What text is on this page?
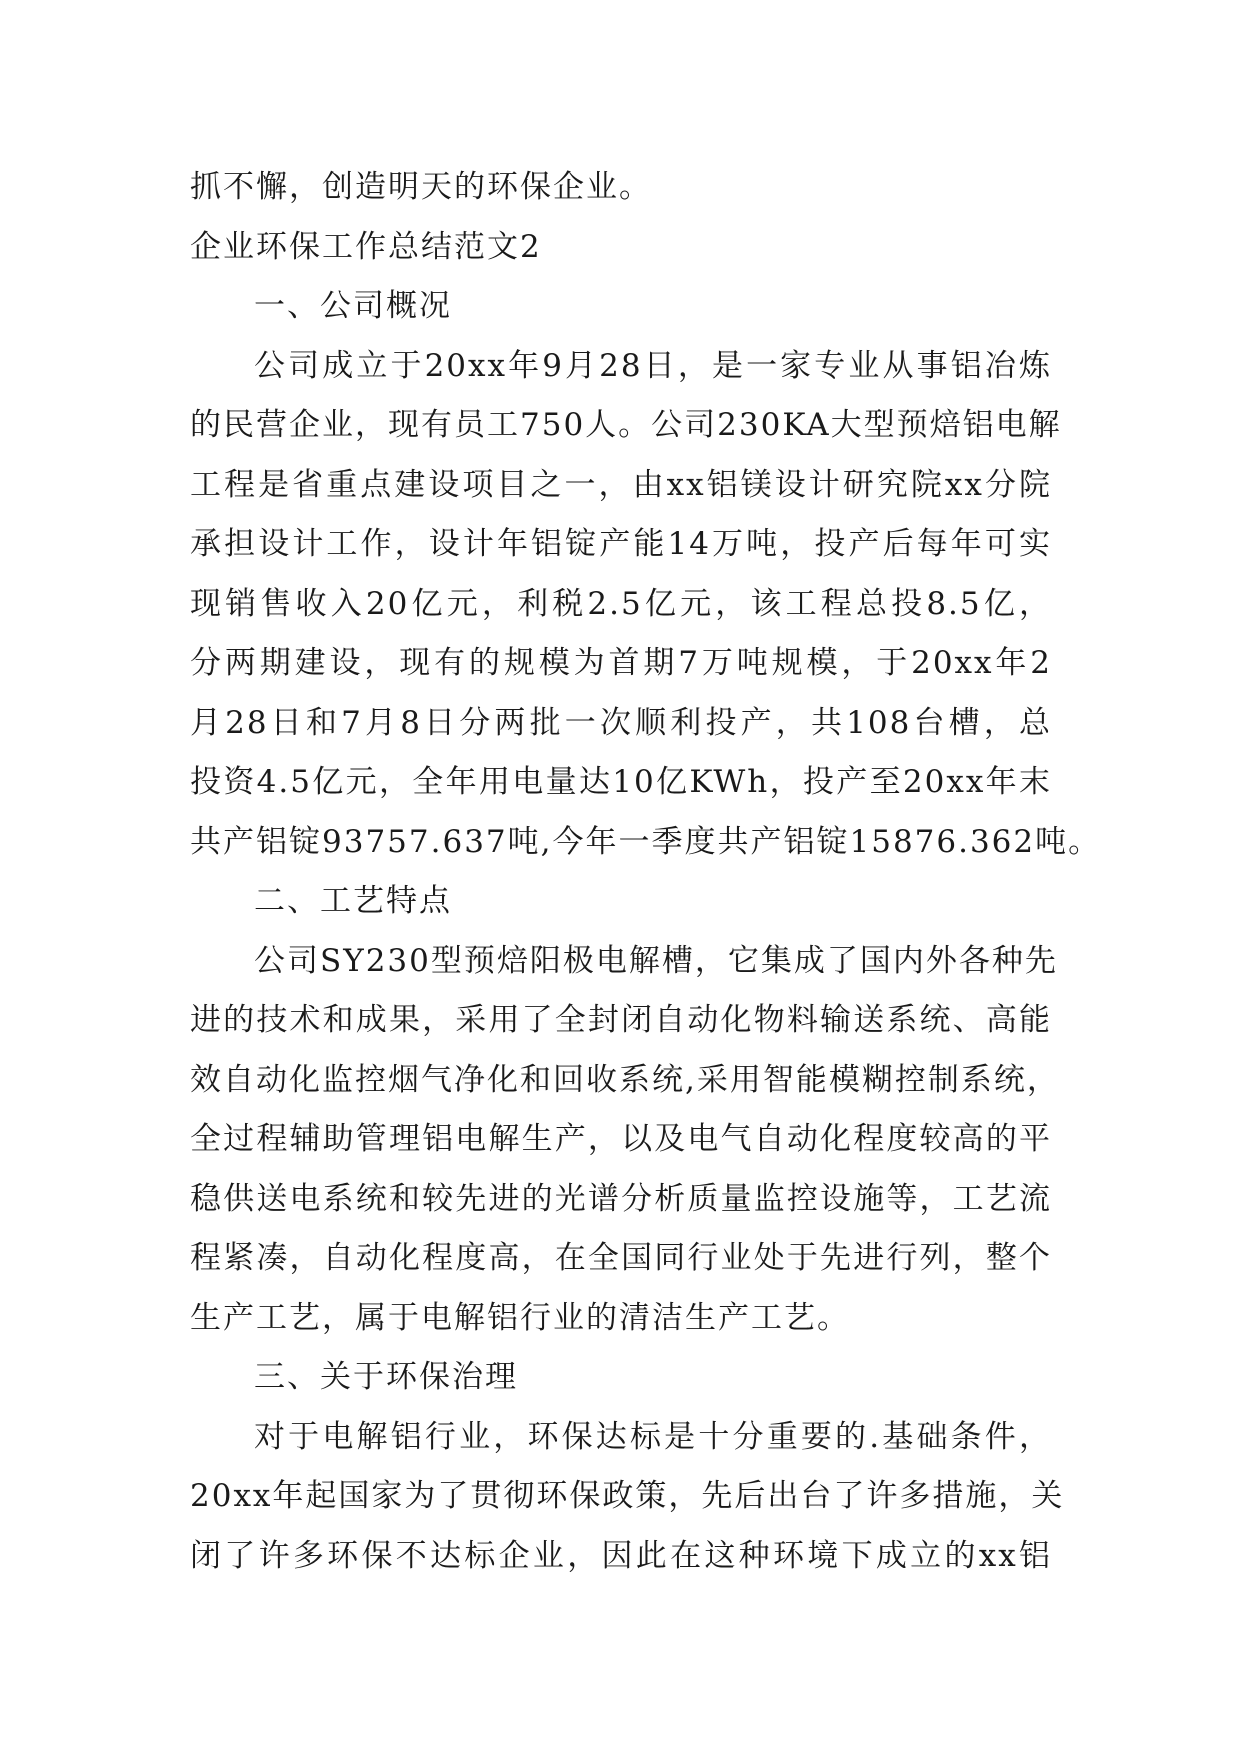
抓不懈，创造明天的环保企业。
企业环保工作总结范文2
一、公司概况
公司成立于20xx年9月28日，是一家专业从事铝冶炼
的民营企业，现有员工750人。公司230KA大型预焙铝电解
工程是省重点建设项目之一，由xx铝镁设计研究院xx分院
承担设计工作，设计年铝锭产能14万吨，投产后每年可实
现销售收入20亿元，利税2.5亿元，该工程总投8.5亿，
分两期建设，现有的规模为首期7万吨规模，于20xx年2
月28日和7月8日分两批一次顺利投产，共108台槽，总
投资4.5亿元，全年用电量达10亿KWh，投产至20xx年末
共产铝锭93757.637吨,今年一季度共产铝锭15876.362吨。
二、工艺特点
公司SY230型预焙阳极电解槽，它集成了国内外各种先
进的技术和成果，采用了全封闭自动化物料输送系统、高能
效自动化监控烟气净化和回收系统,采用智能模糊控制系统，
全过程辅助管理铝电解生产，以及电气自动化程度较高的平
稳供送电系统和较先进的光谱分析质量监控设施等，工艺流
程紧凑，自动化程度高，在全国同行业处于先进行列，整个
生产工艺，属于电解铝行业的清洁生产工艺。
三、关于环保治理
对于电解铝行业，环保达标是十分重要的.基础条件，
20xx年起国家为了贯彻环保政策，先后出台了许多措施，关
闭了许多环保不达标企业，因此在这种环境下成立的xx铝
